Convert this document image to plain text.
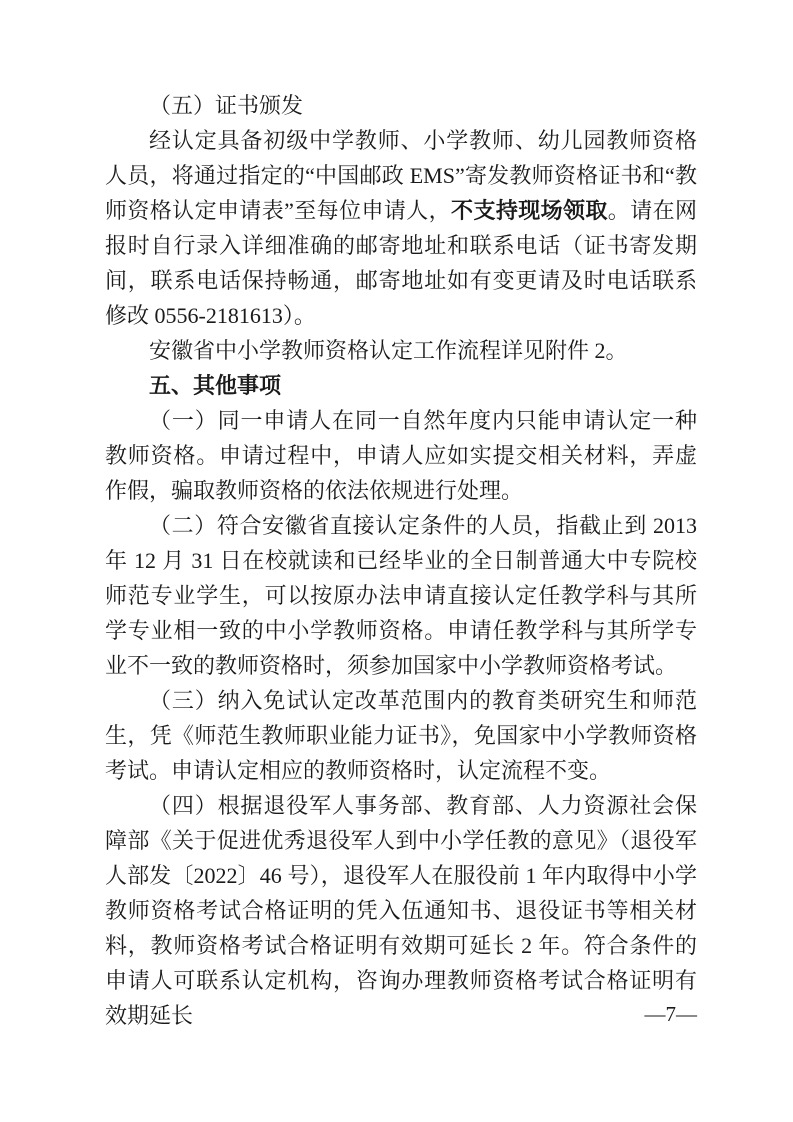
（五）证书颁发

经认定具备初级中学教师、小学教师、幼儿园教师资格人员，将通过指定的“中国邮政 EMS”寄发教师资格证书和“教师资格认定申请表”至每位申请人，不支持现场领取。请在网报时自行录入详细准确的邮寄地址和联系电话（证书寄发期间，联系电话保持畅通，邮寄地址如有变更请及时电话联系修改 0556-2181613）。

安徽省中小学教师资格认定工作流程详见附件 2。

五、其他事项

（一）同一申请人在同一自然年度内只能申请认定一种教师资格。申请过程中，申请人应如实提交相关材料，弄虚作假，骗取教师资格的依法依规进行处理。

（二）符合安徽省直接认定条件的人员，指截止到 2013 年 12 月 31 日在校就读和已经毕业的全日制普通大中专院校师范专业学生，可以按原办法申请直接认定任教学科与其所学专业相一致的中小学教师资格。申请任教学科与其所学专业不一致的教师资格时，须参加国家中小学教师资格考试。

（三）纳入免试认定改革范围内的教育类研究生和师范生，凭《师范生教师职业能力证书》，免国家中小学教师资格考试。申请认定相应的教师资格时，认定流程不变。

（四）根据退役军人事务部、教育部、人力资源社会保障部《关于促进优秀退役军人到中小学任教的意见》（退役军人部发〔2022〕46 号），退役军人在服役前 1 年内取得中小学教师资格考试合格证明的凭入伍通知书、退役证书等相关材料，教师资格考试合格证明有效期可延长 2 年。符合条件的申请人可联系认定机构，咨询办理教师资格考试合格证明有效期延长	—7—
